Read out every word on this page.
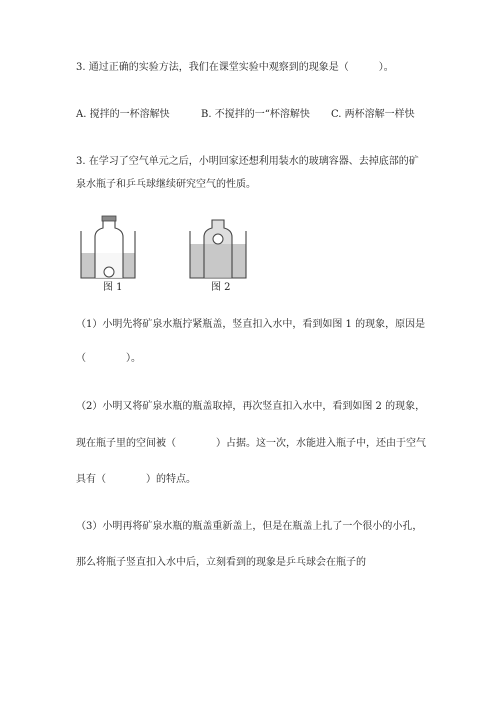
3. 通过正确的实验方法，我们在课堂实验中观察到的现象是（　　　）。
A. 搅拌的一杯溶解快	B. 不搅拌的一“杯溶解快 C. 两杯溶解一样快
3. 在学习了空气单元之后，小明回家还想利用装水的玻璃容器、去掉底部的矿
泉水瓶子和乒乓球继续研究空气的性质。
图 1	图 2
（1）小明先将矿泉水瓶拧紧瓶盖，竖直扣入水中，看到如图 1 的现象，原因是
（　　　　）。
（2）小明又将矿泉水瓶的瓶盖取掉，再次竖直扣入水中，看到如图 2 的现象，
现在瓶子里的空间被（　　　　）占据。这一次，水能进入瓶子中，还由于空气
具有（　　　　）的特点。
（3）小明再将矿泉水瓶的瓶盖重新盖上，但是在瓶盖上扎了一个很小的小孔，
那么将瓶子竖直扣入水中后，立刻看到的现象是乒乓球会在瓶子的
